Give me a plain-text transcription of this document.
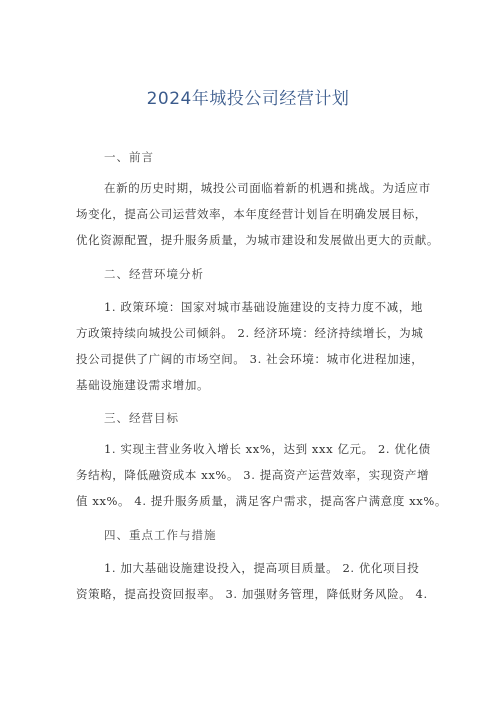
2024年城投公司经营计划
一、前言
在新的历史时期，城投公司面临着新的机遇和挑战。为适应市
场变化，提高公司运营效率，本年度经营计划旨在明确发展目标，
优化资源配置，提升服务质量，为城市建设和发展做出更大的贡献。
二、经营环境分析
1. 政策环境：国家对城市基础设施建设的支持力度不减，地
方政策持续向城投公司倾斜。 2. 经济环境：经济持续增长，为城
投公司提供了广阔的市场空间。 3. 社会环境：城市化进程加速，
基础设施建设需求增加。
三、经营目标
1. 实现主营业务收入增长 xx%，达到 xxx 亿元。 2. 优化债
务结构，降低融资成本 xx%。 3. 提高资产运营效率，实现资产增
值 xx%。 4. 提升服务质量，满足客户需求，提高客户满意度 xx%。
四、重点工作与措施
1. 加大基础设施建设投入，提高项目质量。 2. 优化项目投
资策略，提高投资回报率。 3. 加强财务管理，降低财务风险。 4.
